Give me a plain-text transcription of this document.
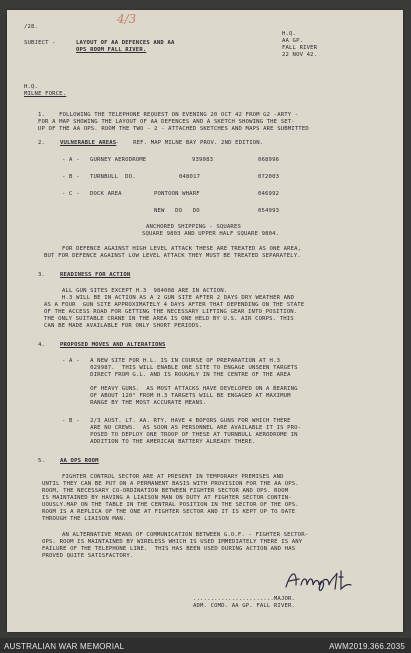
/28.
4/3
H.Q.
AA GP.
FALL RIVER
22 NOV 42.
SUBJECT -	LAYOUT OF AA DEFENCES AND AA
OPS ROOM FALL RIVER.
H.Q.
MILNE FORCE.
1.    FOLLOWING THE TELEPHONE REQUEST ON EVENING 20 OCT 42 FROM G2 -ARTY -
FOR A MAP SHOWING THE LAYOUT OF AA DEFENCES AND A SKETCH SHOWING THE SET-
UP OF THE AA OPS. ROOM THE TWO - 2 - ATTACHED SKETCHES AND MAPS ARE SUBMITTED
2.	VULNERABLE AREAS
-    REF. MAP MILNE BAY PROV. 2ND EDITION.
- A - GURNEY AERODROME	939083	068996
- B - TURNBULL  DO.	048017	072003
- C - DOCK AREA	PONTOON WHARF	046992
NEW   DO   DO	054993
ANCHORED SHIPPING - SQUARES
SQUARE 9803 AND UPPER HALF SQUARE 9804.
FOR DEFENCE AGAINST HIGH LEVEL ATTACK THESE ARE TREATED AS ONE AREA,
BUT FOR DEFENCE AGAINST LOW LEVEL ATTACK THEY MUST BE TREATED SEPARATELY.
3.	READINESS FOR ACTION
ALL GUN SITES EXCEPT H.3  984008 ARE IN ACTION.
H.3 WILL BE IN ACTION AS A 2 GUN SITE AFTER 2 DAYS DRY WEATHER AND
AS A FOUR  GUN SITE APPROXIMATELY 4 DAYS AFTER THAT DEPENDING ON THE STATE
OF THE ACCESS ROAD FOR GETTING THE NECESSARY LIFTING GEAR INTO POSITION.
THE ONLY SUITABLE CRANE IN THE AREA IS ONE HELD BY U.S. AIR CORPS. THIS
CAN BE MADE AVAILABLE FOR ONLY SHORT PERIODS.
4.	PROPOSED MOVES AND ALTERATIONS
- A -   A NEW SITE FOR H.L. IS IN COURSE OF PREPARATION AT H.3
029987.  THIS WILL ENABLE ONE SITE TO ENGAGE UNSEEN TARGETS
DIRECT FROM G.L. AND IS ROUGHLY IN THE CENTRE OF THE AREA
OF HEAVY GUNS.  AS MOST ATTACKS HAVE DEVELOPED ON A BEARING
OF ABOUT 120° FROM H.3 TARGETS WILL BE ENGAGED AT MAXIMUM
RANGE BY THE MOST ACCURATE MEANS.
- B -   2/3 AUST. LT. AA. RTY. HAVE 4 BOFORS GUNS FOR WHICH THERE
ARE NO CREWS.  AS SOON AS PERSONNEL ARE AVAILABLE IT IS PRO-
POSED TO DEPLOY ONE TROOP OF THESE AT TURNBULL AERODROME IN
ADDITION TO THE AMERICAN BATTERY ALREADY THERE.
5.	AA OPS ROOM
FIGHTER CONTROL SECTOR ARE AT PRESENT IN TEMPORARY PREMISES AND
UNTIL THEY CAN BE PUT ON A PERMANENT BASIS WITH PROVISION FOR THE AA OPS.
ROOM, THE NECESSARY CO-ORDINATION BETWEEN FIGHTER SECTOR AND OPS. ROOM
IS MAINTAINED BY HAVING A LIAISON MAN ON DUTY AT FIGHTER SECTOR CONTIN-
UOUSLY.MAP ON THE TABLE IN THE CENTRAL POSITION IN THE SECTOR OF THE OPS.
ROOM IS A REPLICA OF THE ONE AT FIGHTER SECTOR AND IT IS KEPT UP TO DATE
THROUGH THE LIAISON MAN.
AN ALTERNATIVE MEANS OF COMMUNICATION BETWEEN G.O.F. - FIGHTER SECTOR-
OPS. ROOM IS MAINTAINED BY WIRELESS WHICH IS USED IMMEDIATELY THERE IS ANY
FAILURE OF THE TELEPHONE LINE.  THIS HAS BEEN USED DURING ACTION AND HAS
PROVED QUITE SATISFACTORY.
.......................MAJOR.
ADM. COMD. AA GP. FALL RIVER.
AUSTRALIAN WAR MEMORIAL	AWM2019.366.2035
